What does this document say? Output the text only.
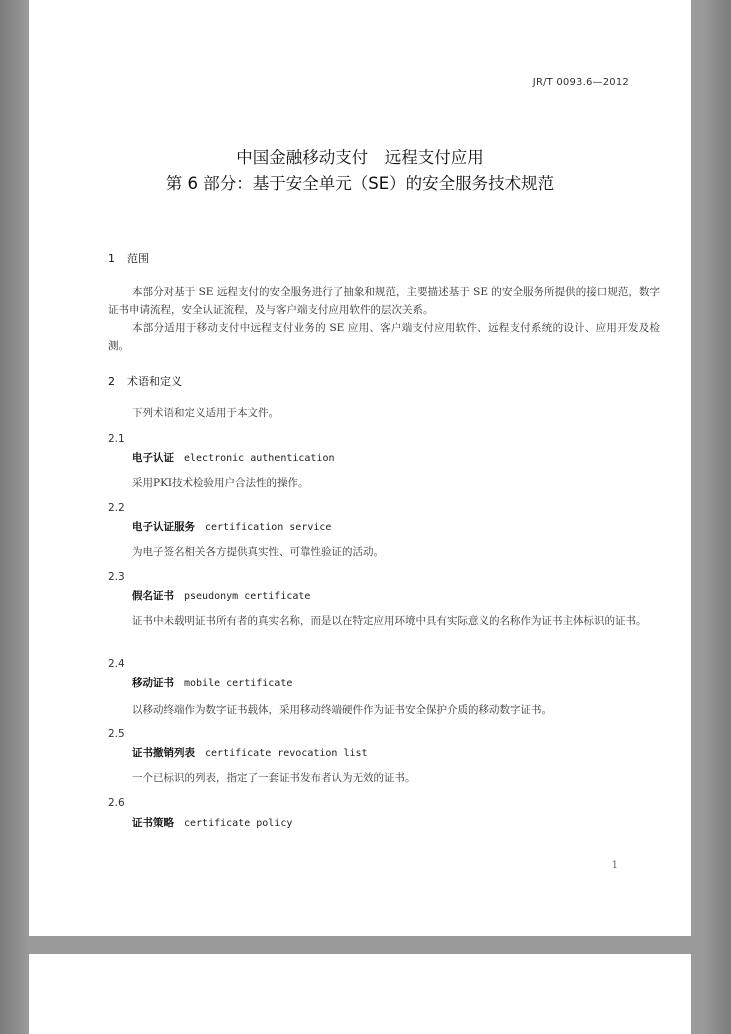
JR/T 0093.6—2012
中国金融移动支付　远程支付应用
第 6 部分：基于安全单元（SE）的安全服务技术规范
1 范围
本部分对基于 SE 远程支付的安全服务进行了抽象和规范，主要描述基于 SE 的安全服务所提供的接口规范，数字证书申请流程，安全认证流程，及与客户端支付应用软件的层次关系。
本部分适用于移动支付中远程支付业务的 SE 应用、客户端支付应用软件、远程支付系统的设计、应用开发及检测。
2 术语和定义
下列术语和定义适用于本文件。
2.1
电子认证 electronic authentication
采用PKI技术检验用户合法性的操作。
2.2
电子认证服务 certification service
为电子签名相关各方提供真实性、可靠性验证的活动。
2.3
假名证书 pseudonym certificate
证书中未载明证书所有者的真实名称，而是以在特定应用环境中具有实际意义的名称作为证书主体标识的证书。
2.4
移动证书 mobile certificate
以移动终端作为数字证书载体，采用移动终端硬件作为证书安全保护介质的移动数字证书。
2.5
证书撤销列表 certificate revocation list
一个已标识的列表，指定了一套证书发布者认为无效的证书。
2.6
证书策略 certificate policy
1
